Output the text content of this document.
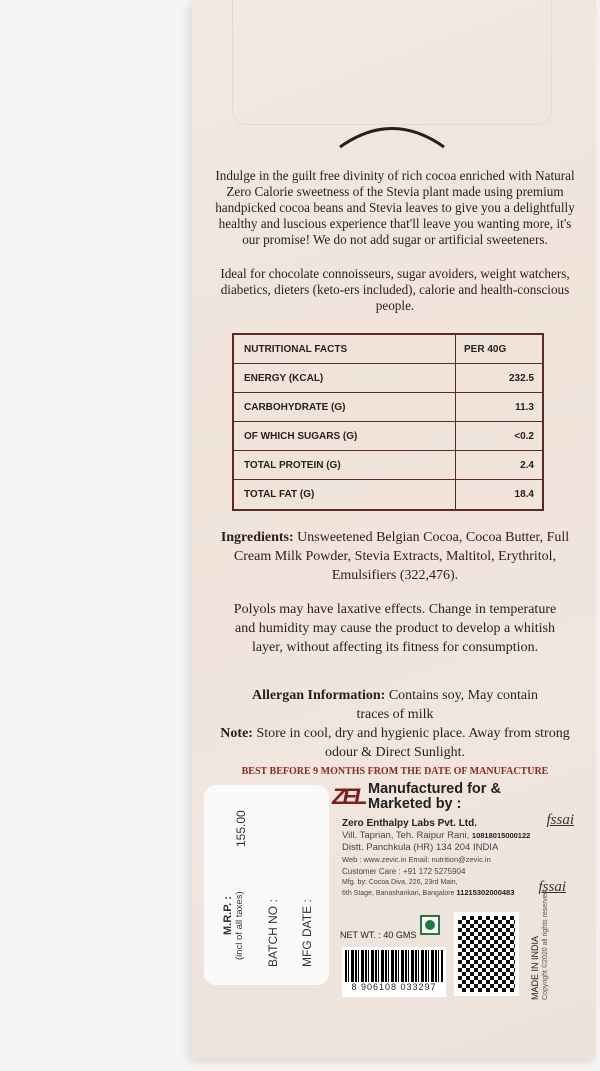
Indulge in the guilt free divinity of rich cocoa enriched with Natural Zero Calorie sweetness of the Stevia plant made using premium handpicked cocoa beans and Stevia leaves to give you a delightfully healthy and luscious experience that'll leave you wanting more, it's our promise! We do not add sugar or artificial sweeteners.

Ideal for chocolate connoisseurs, sugar avoiders, weight watchers, diabetics, dieters (keto-ers included), calorie and health-conscious people.

NUTRITIONAL FACTS	PER 40G
ENERGY (KCAL)	232.5
CARBOHYDRATE (G)	11.3
OF WHICH SUGARS (G)	<0.2
TOTAL PROTEIN (G)	2.4
TOTAL FAT (G)	18.4

Ingredients: Unsweetened Belgian Cocoa, Cocoa Butter, Full Cream Milk Powder, Stevia Extracts, Maltitol, Erythritol, Emulsifiers (322,476).

Polyols may have laxative effects. Change in temperature and humidity may cause the product to develop a whitish layer, without affecting its fitness for consumption.

Allergan Information: Contains soy, May contain traces of milk

Note: Store in cool, dry and hygienic place. Away from strong odour & Direct Sunlight.

BEST BEFORE 9 MONTHS FROM THE DATE OF MANUFACTURE
M.R.P. : (incl of all taxes)
155.00
BATCH NO : MFG DATE :
ZEL Manufactured for &
Marketed by :
Zero Enthalpy Labs Pvt. Ltd.
Vill. Taprian, Teh. Raipur Rani, 10818015000122
Distt. Panchkula (HR) 134 204 INDIA
Web : www.zevic.in Email: nutrition@zevic.in
Customer Care : +91 172 5275904
Mfg. by: Cocoa Diva, 226, 23rd Main,
6th Stage, Banashankari, Bangalore 11215302000483
fssai
fssai
NET WT. : 40 GMS
8 906108 033297	MADE IN INDIA Copyright ©2020 all rights reserved
